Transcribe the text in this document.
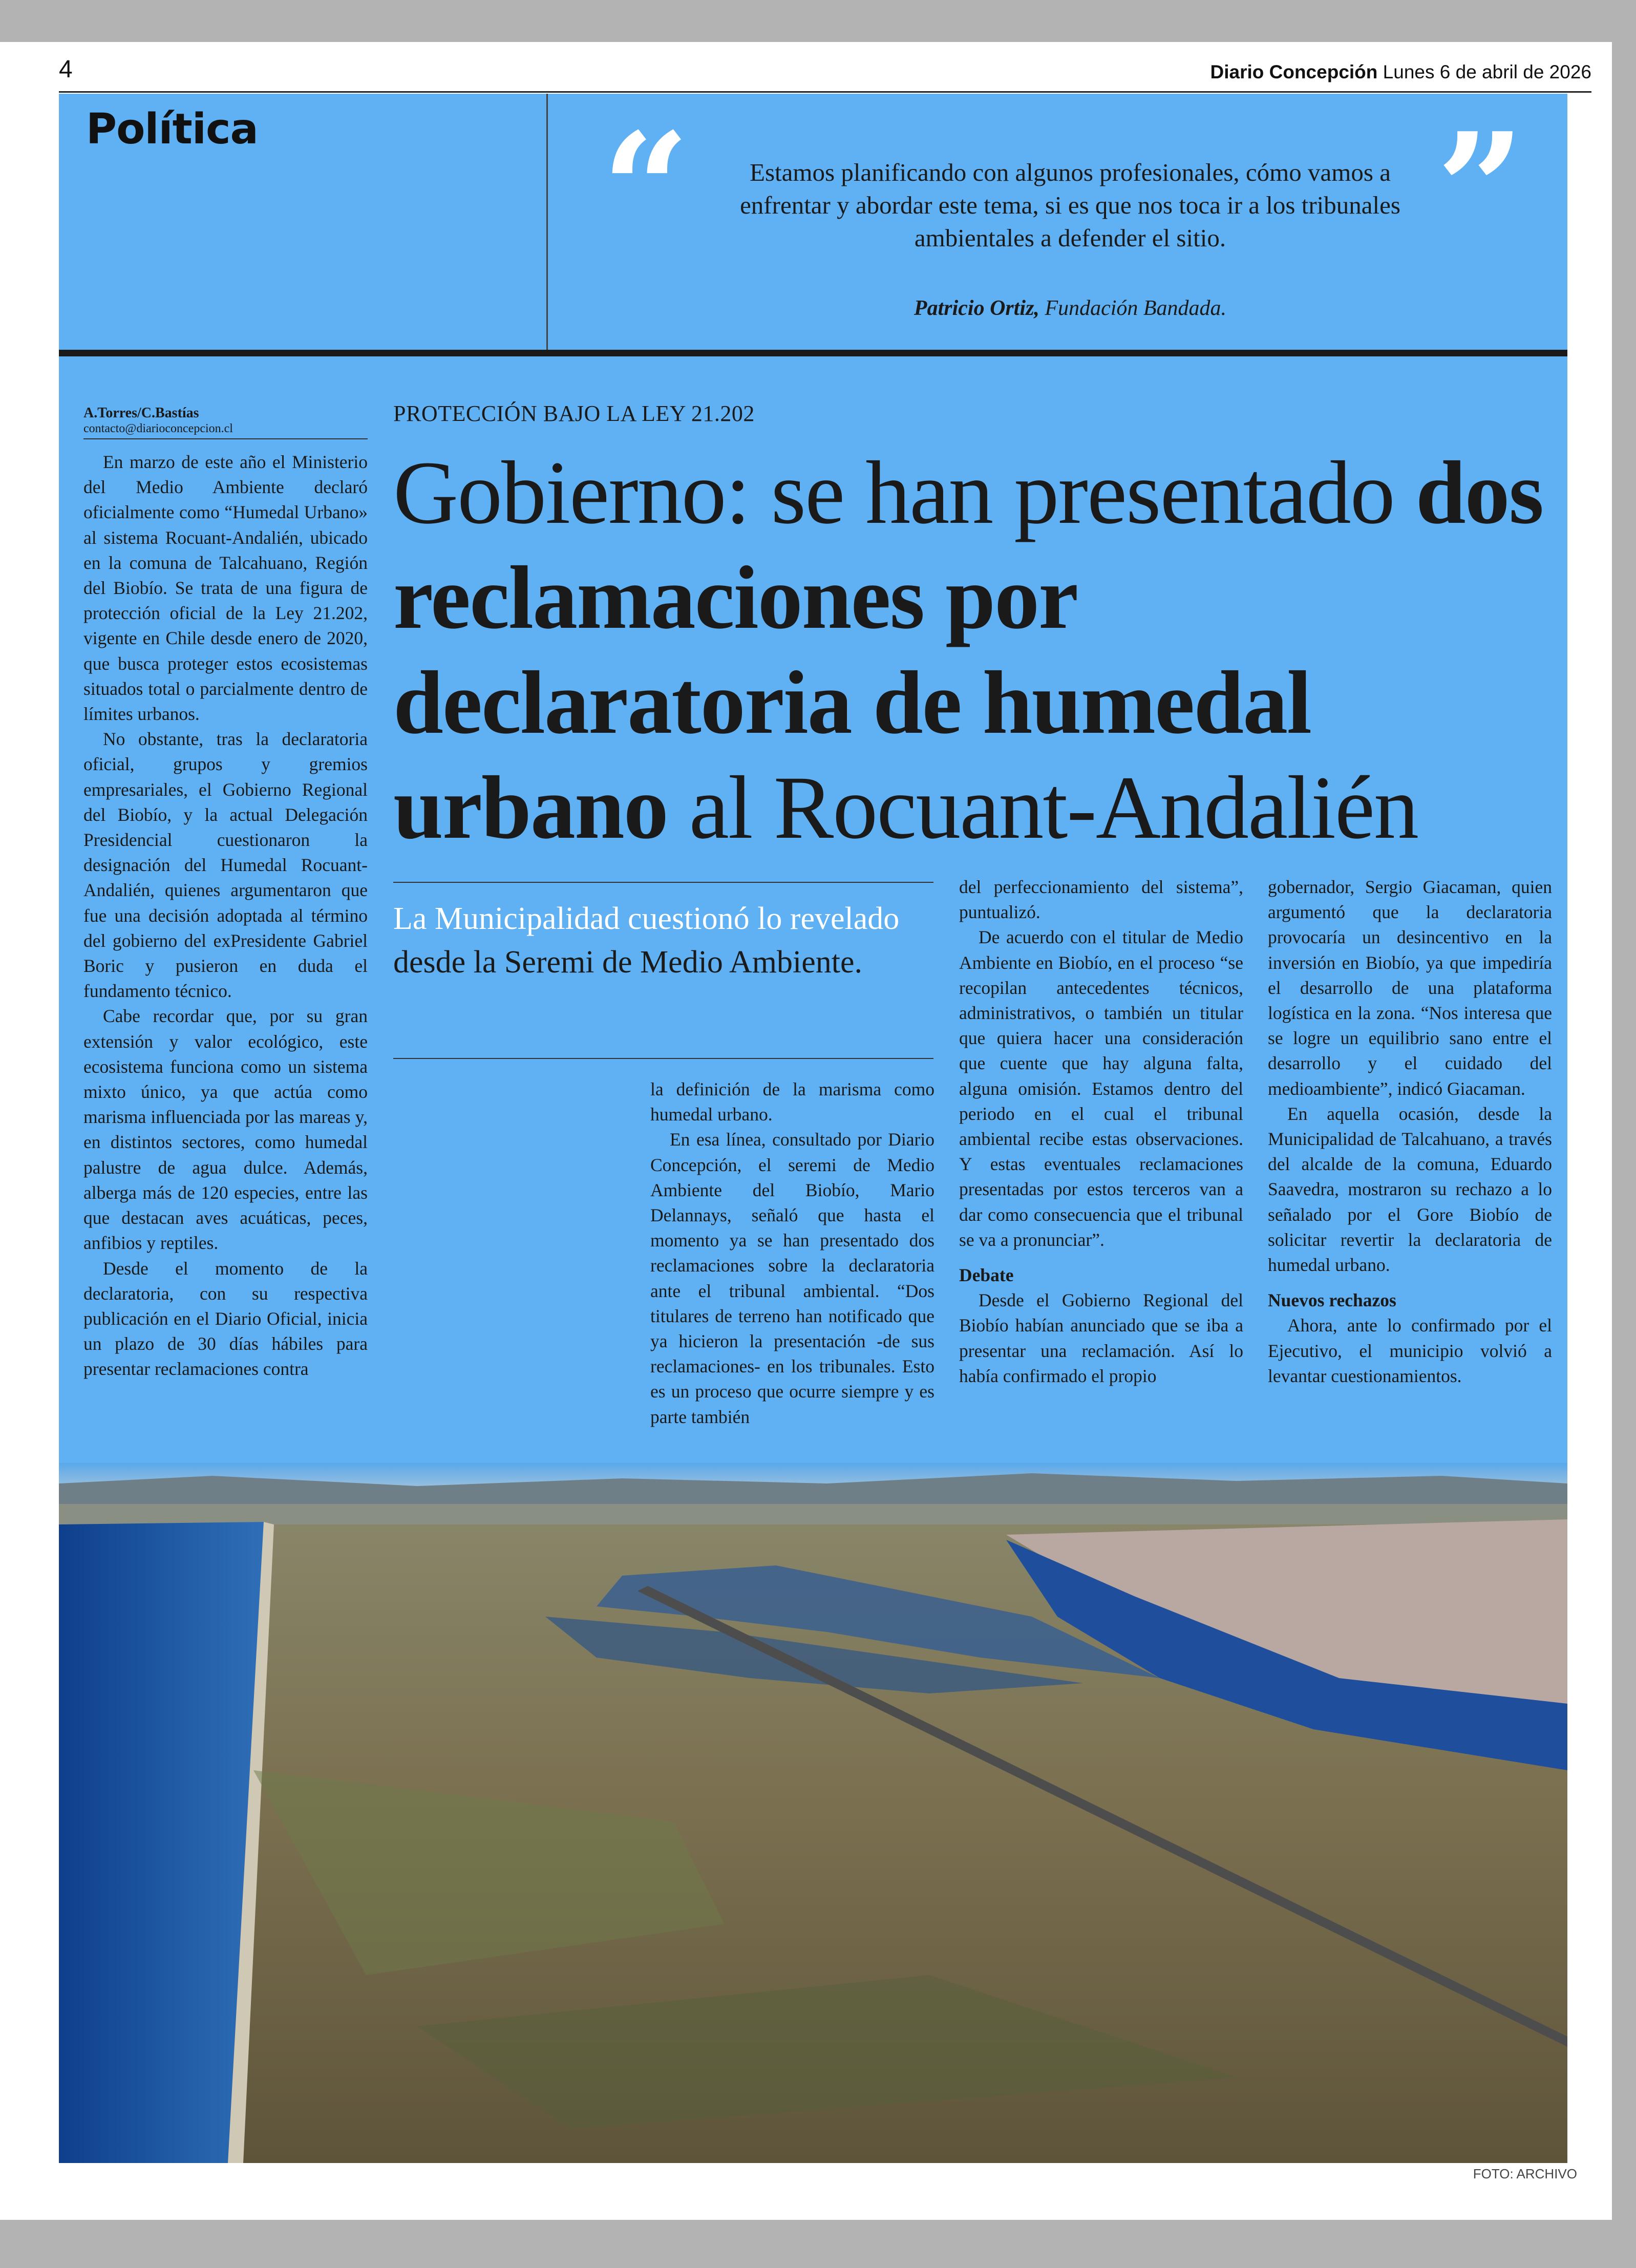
4	Diario Concepción Lunes 6 de abril de 2026
Política “	Estamos planificando con algunos profesionales, cómo vamos a enfrentar y abordar este tema, si es que nos toca ir a los tribunales ambientales a defender el sitio.	”
Patricio Ortiz, Fundación Bandada.
A.Torres/C.Bastías
contacto@diarioconcepcion.cl

En marzo de este año el Ministerio del Medio Ambiente declaró oficialmente como “Humedal Urbano» al sistema Rocuant-Andalién, ubicado en la comuna de Talcahuano, Región del Biobío. Se trata de una figura de protección oficial de la Ley 21.202, vigente en Chile desde enero de 2020, que busca proteger estos ecosistemas situados total o parcialmente dentro de límites urbanos.

No obstante, tras la declaratoria oficial, grupos y gremios empresariales, el Gobierno Regional del Biobío, y la actual Delegación Presidencial cuestionaron la designación del Humedal Rocuant-Andalién, quienes argumentaron que fue una decisión adoptada al término del gobierno del exPresidente Gabriel Boric y pusieron en duda el fundamento técnico.

Cabe recordar que, por su gran extensión y valor ecológico, este ecosistema funciona como un sistema mixto único, ya que actúa como marisma influenciada por las mareas y, en distintos sectores, como humedal palustre de agua dulce. Además, alberga más de 120 especies, entre las que destacan aves acuáticas, peces, anfibios y reptiles.

Desde el momento de la declaratoria, con su respectiva publicación en el Diario Oficial, inicia un plazo de 30 días hábiles para presentar reclamaciones contra

PROTECCIÓN BAJO LA LEY 21.202
Gobierno: se han presentado dos reclamaciones por declaratoria de humedal urbano al Rocuant-Andalién
La Municipalidad cuestionó lo revelado desde la Seremi de Medio Ambiente.

la definición de la marisma como humedal urbano.

En esa línea, consultado por Diario Concepción, el seremi de Medio Ambiente del Biobío, Mario Delannays, señaló que hasta el momento ya se han presentado dos reclamaciones sobre la declaratoria ante el tribunal ambiental. “Dos titulares de terreno han notificado que ya hicieron la presentación -de sus reclamaciones- en los tribunales. Esto es un proceso que ocurre siempre y es parte también

del perfeccionamiento del sistema”, puntualizó.

De acuerdo con el titular de Medio Ambiente en Biobío, en el proceso “se recopilan antecedentes técnicos, administrativos, o también un titular que quiera hacer una consideración que cuente que hay alguna falta, alguna omisión. Estamos dentro del periodo en el cual el tribunal ambiental recibe estas observaciones. Y estas eventuales reclamaciones presentadas por estos terceros van a dar como consecuencia que el tribunal se va a pronunciar”.

Debate

Desde el Gobierno Regional del Biobío habían anunciado que se iba a presentar una reclamación. Así lo había confirmado el propio

gobernador, Sergio Giacaman, quien argumentó que la declaratoria provocaría un desincentivo en la inversión en Biobío, ya que impediría el desarrollo de una plataforma logística en la zona. “Nos interesa que se logre un equilibrio sano entre el desarrollo y el cuidado del medioambiente”, indicó Giacaman.

En aquella ocasión, desde la Municipalidad de Talcahuano, a través del alcalde de la comuna, Eduardo Saavedra, mostraron su rechazo a lo señalado por el Gore Biobío de solicitar revertir la declaratoria de humedal urbano.

Nuevos rechazos

Ahora, ante lo confirmado por el Ejecutivo, el municipio volvió a levantar cuestionamientos.

FOTO: ARCHIVO
